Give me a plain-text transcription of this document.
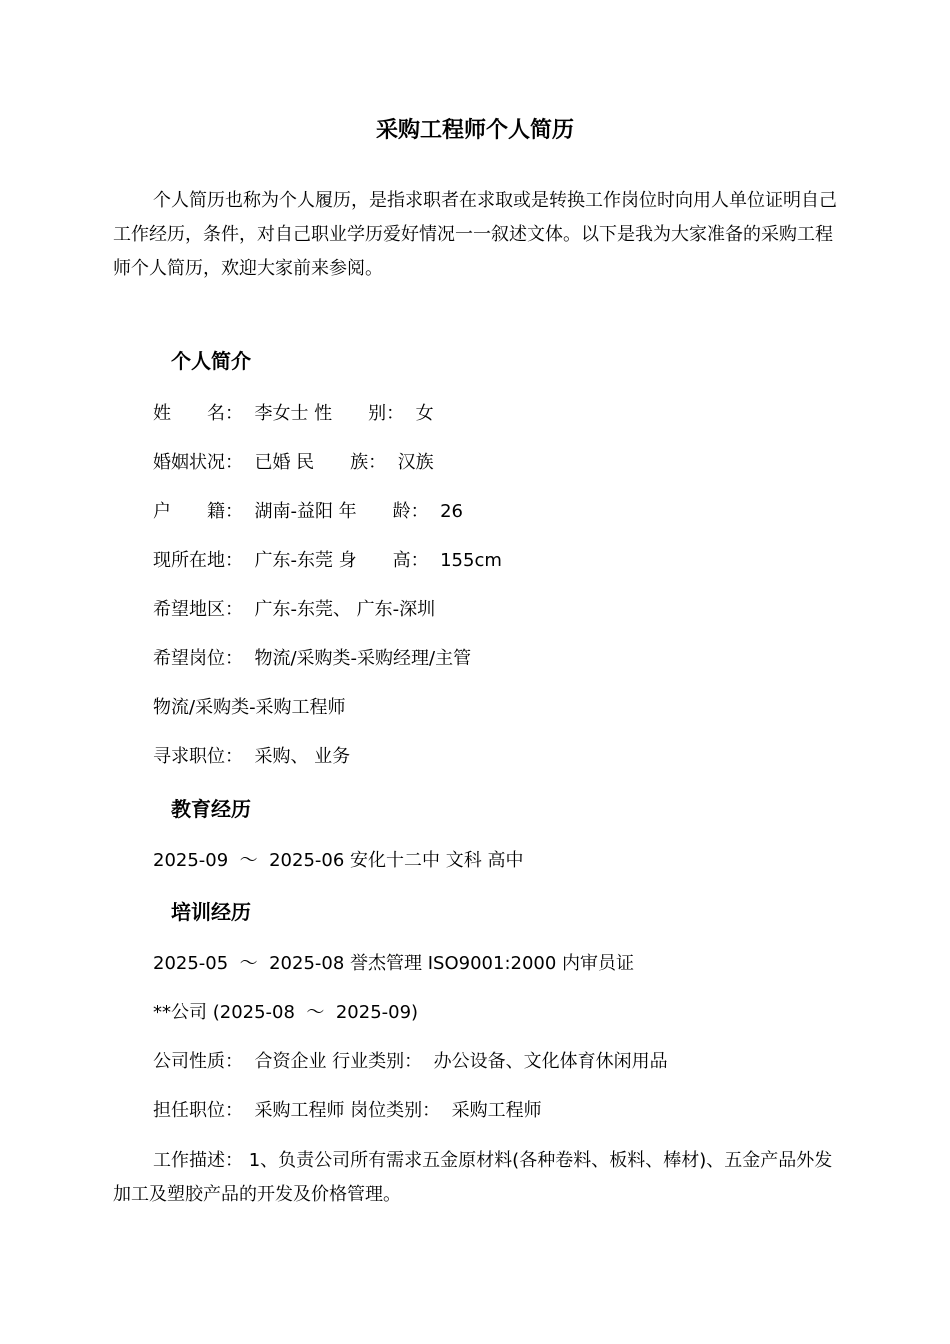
采购工程师个人简历

个人简历也称为个人履历，是指求职者在求取或是转换工作岗位时向用人单位证明自己工作经历，条件，对自己职业学历爱好情况一一叙述文体。以下是我为大家准备的采购工程师个人简历，欢迎大家前来参阅。

个人简介
姓　　名：  李女士 性　　别：  女
婚姻状况：  已婚 民　　族：  汉族
户　　籍：  湖南-益阳 年　　龄：  26
现所在地：  广东-东莞 身　　高：  155cm
希望地区：  广东-东莞、 广东-深圳
希望岗位：  物流/采购类-采购经理/主管
物流/采购类-采购工程师
寻求职位：  采购、 业务
教育经历
2025-09  ～  2025-06 安化十二中 文科 高中
培训经历
2025-05  ～  2025-08 誉杰管理 ISO9001:2000 内审员证
**公司 (2025-08  ～  2025-09)
公司性质：  合资企业 行业类别：  办公设备、文化体育休闲用品
担任职位：  采购工程师 岗位类别：  采购工程师

工作描述： 1、负责公司所有需求五金原材料(各种卷料、板料、棒材)、五金产品外发加工及塑胶产品的开发及价格管理。
